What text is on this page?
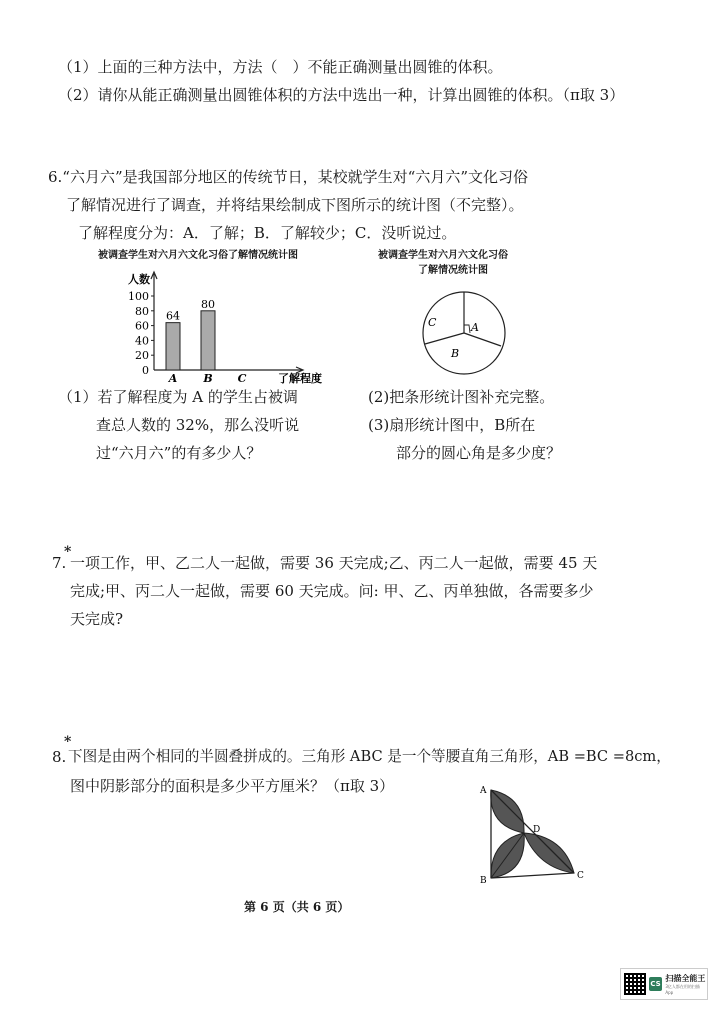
（1）上面的三种方法中，方法（　）不能正确测量出圆锥的体积。
（2）请你从能正确测量出圆锥体积的方法中选出一种，计算出圆锥的体积。（π取 3）
6.“六月六”是我国部分地区的传统节日，某校就学生对“六月六”文化习俗
了解情况进行了调查，并将结果绘制成下图所示的统计图（不完整）。
了解程度分为：A．了解；B．了解较少；C．没听说过。
被调查学生对六月六文化习俗了解情况统计图
人数
了解程度
0
20
40
60
80
100
64
A
80
B C
被调查学生对六月六文化习俗
了解情况统计图
C	A
B
（1）若了解程度为 A 的学生占被调
查总人数的 32%，那么没听说
过“六月六”的有多少人？
(2)把条形统计图补充完整。
(3)扇形统计图中，B所在
部分的圆心角是多少度？
*
7. 一项工作，甲、乙二人一起做，需要 36 天完成;乙、丙二人一起做，需要 45 天
完成;甲、丙二人一起做，需要 60 天完成。问: 甲、乙、丙单独做，各需要多少
天完成?
*
8. 下图是由两个相同的半圆叠拼成的。三角形 ABC 是一个等腰直角三角形，AB =BC =8cm，
图中阴影部分的面积是多少平方厘米？（π取 3）	A
B	C
D
第 6 页（共 6 页）
CS
扫描全能王
3亿人都在用的扫描App
